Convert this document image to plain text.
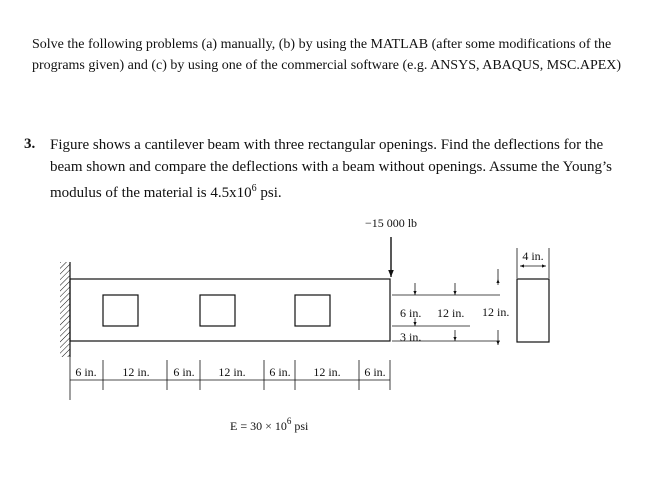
Solve the following problems (a) manually, (b) by using the MATLAB (after some modifications of the programs given) and (c) by using one of the commercial software (e.g. ANSYS, ABAQUS, MSC.APEX)
3. Figure shows a cantilever beam with three rectangular openings. Find the deflections for the beam shown and compare the deflections with a beam without openings. Assume the Young’s modulus of the material is $4.5x10^6$ psi.
−15 000 lb
6 in.
3 in.
12 in. 12 in.
4 in.
6 in. 12 in. 6 in. 12 in. 6 in. 12 in. 6 in.
$E = 30 \times 10^6$ psi
